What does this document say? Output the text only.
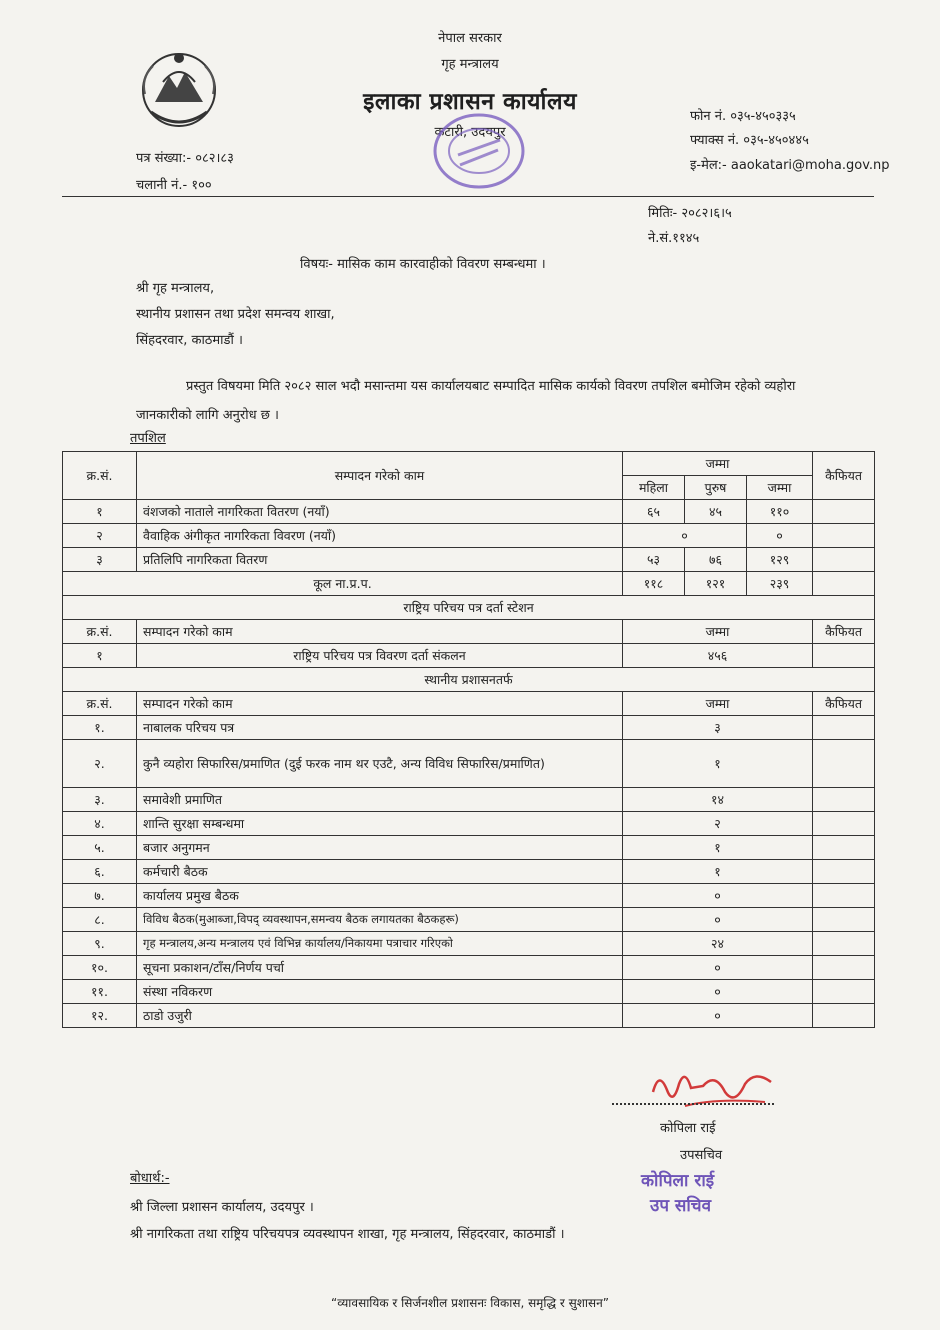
नेपाल सरकार
गृह मन्त्रालय
इलाका प्रशासन कार्यालय
कटारी, उदयपुर
फोन नं. ०३५-४५०३३५
फ्याक्स नं. ०३५-४५०४४५
इ-मेल:- aaokatari@moha.gov.np
पत्र संख्या:- ०८२।८३
चलानी नं.- १००
मितिः- २०८२।६।५
ने.सं.११४५
विषयः- मासिक काम कारवाहीको विवरण सम्बन्धमा ।
श्री गृह मन्त्रालय,
स्थानीय प्रशासन तथा प्रदेश समन्वय शाखा,
सिंहदरवार, काठमाडौं ।
प्रस्तुत विषयमा मिति २०८२ साल भदौ मसान्तमा यस कार्यालयबाट सम्पादित मासिक कार्यको विवरण तपशिल बमोजिम रहेको व्यहोरा जानकारीको लागि अनुरोध छ ।
तपशिल
क्र.सं.	सम्पादन गरेको काम	जम्मा			कैफियत
		महिला	पुरुष	जम्मा	
१	वंशजको नाताले नागरिकता वितरण (नयाँ)	६५	४५	११०	
२	वैवाहिक अंगीकृत नागरिकता विवरण (नयाँ)	०		०	
३	प्रतिलिपि नागरिकता वितरण	५३	७६	१२९	
कूल ना.प्र.प.		११८	१२१	२३९	
राष्ट्रिय परिचय पत्र दर्ता स्टेशन					
क्र.सं.	सम्पादन गरेको काम	जम्मा			कैफियत
१	राष्ट्रिय परिचय पत्र विवरण दर्ता संकलन	४५६			
स्थानीय प्रशासनतर्फ					
क्र.सं.	सम्पादन गरेको काम	जम्मा			कैफियत
१.	नाबालक परिचय पत्र	३			
२.	कुनै व्यहोरा सिफारिस/प्रमाणित (दुई फरक नाम थर एउटै, अन्य विविध सिफारिस/प्रमाणित)	१			
३.	समावेशी प्रमाणित	१४			
४.	शान्ति सुरक्षा सम्बन्धमा	२			
५.	बजार अनुगमन	१			
६.	कर्मचारी बैठक	१			
७.	कार्यालय प्रमुख बैठक	०			
८.	विविध बैठक(मुआब्जा,विपद् व्यवस्थापन,समन्वय बैठक लगायतका बैठकहरू)	०			
९.	गृह मन्त्रालय,अन्य मन्त्रालय एवं विभिन्न कार्यालय/निकायमा पत्राचार गरिएको	२४			
१०.	सूचना प्रकाशन/टाँस/निर्णय पर्चा	०			
११.	संस्था नविकरण	०			
१२.	ठाडो उजुरी	०			
कोपिला राई
उपसचिव
कोपिला राई
उप सचिव
बोधार्थ:-
श्री जिल्ला प्रशासन कार्यालय, उदयपुर ।
श्री नागरिकता तथा राष्ट्रिय परिचयपत्र व्यवस्थापन शाखा, गृह मन्त्रालय, सिंहदरवार, काठमाडौं ।
“व्यावसायिक र सिर्जनशील प्रशासनः विकास, समृद्धि र सुशासन”
